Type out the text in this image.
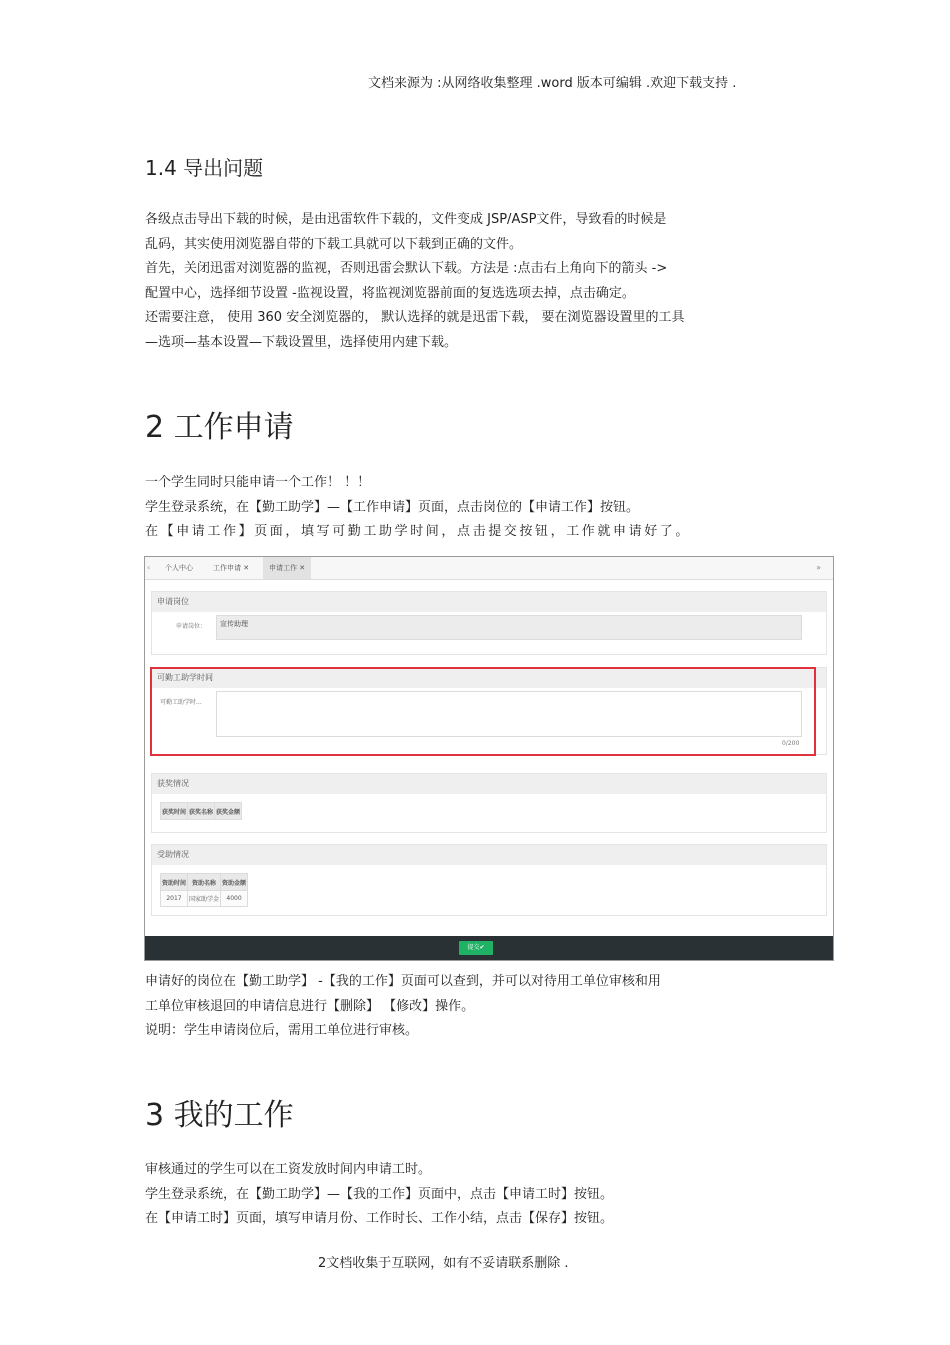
文档来源为 :从网络收集整理 .word 版本可编辑 .欢迎下载支持 .
1.4 导出问题

各级点击导出下载的时候，是由迅雷软件下载的，文件变成 JSP/ASP文件，导致看的时候是

乱码，其实使用浏览器自带的下载工具就可以下载到正确的文件。

首先，关闭迅雷对浏览器的监视，否则迅雷会默认下载。方法是 :点击右上角向下的箭头 ->

配置中心，选择细节设置 -监视设置，将监视浏览器前面的复选选项去掉，点击确定。

还需要注意， 使用 360 安全浏览器的， 默认选择的就是迅雷下载， 要在浏览器设置里的工具

—选项—基本设置—下载设置里，选择使用内建下载。

2 工作申请

一个学生同时只能申请一个工作！ ！！

学生登录系统，在【勤工助学】—【工作申请】页面，点击岗位的【申请工作】按钮。

在【申请工作】页面，填写可勤工助学时间，点击提交按钮，工作就申请好了。

‹	个人中心	工作申请 ✕	申请工作 ✕	»
申请岗位
申请岗位：	宣传助理
可勤工助学时间
可勤工助学时...
0/200
获奖情况
获奖时间	获奖名称	获奖金额
受助情况
资助时间	资助名称	资助金额
2017	国家助学金	4000
提交✔

申请好的岗位在【勤工助学】 -【我的工作】页面可以查到，并可以对待用工单位审核和用

工单位审核退回的申请信息进行【删除】 【修改】操作。

说明：学生申请岗位后，需用工单位进行审核。

3 我的工作

审核通过的学生可以在工资发放时间内申请工时。

学生登录系统，在【勤工助学】—【我的工作】页面中，点击【申请工时】按钮。

在【申请工时】页面，填写申请月份、工作时长、工作小结，点击【保存】按钮。

2文档收集于互联网，如有不妥请联系删除 .
